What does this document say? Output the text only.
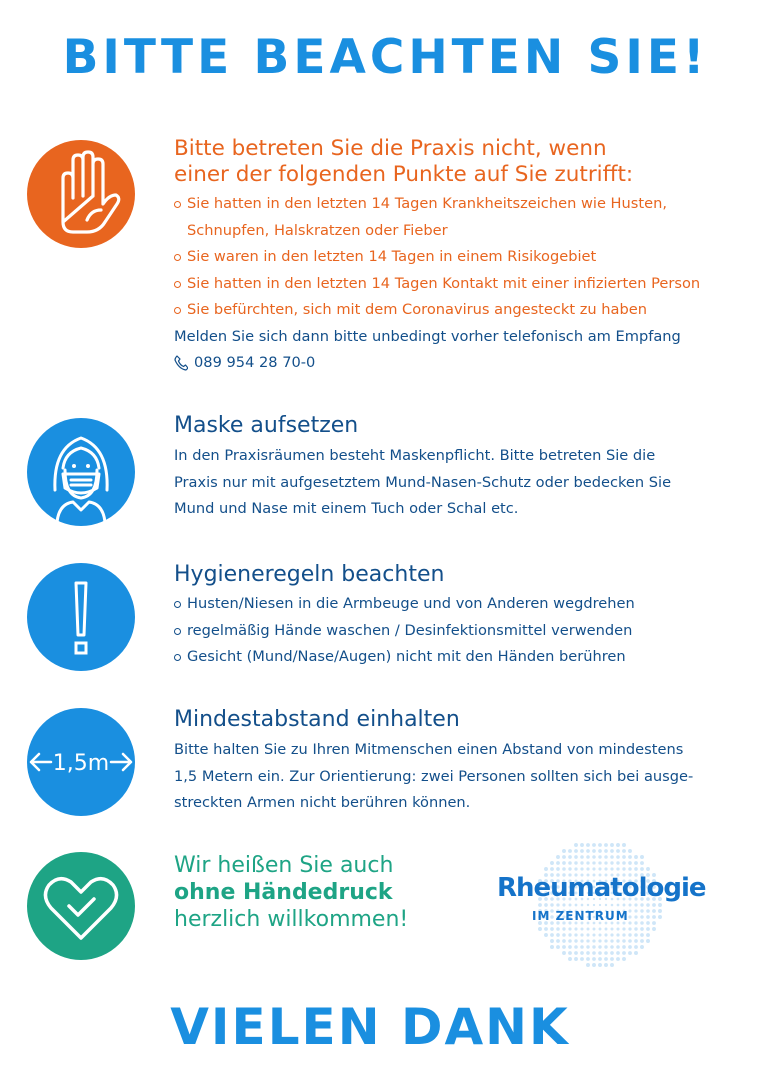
BITTE BEACHTEN SIE!
Bitte betreten Sie die Praxis nicht, wenn
einer der folgenden Punkte auf Sie zutrifft:
Sie hatten in den letzten 14 Tagen Krankheitszeichen wie Husten,
Schnupfen, Halskratzen oder Fieber
Sie waren in den letzten 14 Tagen in einem Risikogebiet
Sie hatten in den letzten 14 Tagen Kontakt mit einer infizierten Person
Sie befürchten, sich mit dem Coronavirus angesteckt zu haben
Melden Sie sich dann bitte unbedingt vorher telefonisch am Empfang
089 954 28 70-0
Maske aufsetzen
In den Praxisräumen besteht Maskenpflicht. Bitte betreten Sie die
Praxis nur mit aufgesetztem Mund-Nasen-Schutz oder bedecken Sie
Mund und Nase mit einem Tuch oder Schal etc.
Hygieneregeln beachten
Husten/Niesen in die Armbeuge und von Anderen wegdrehen
regelmäßig Hände waschen / Desinfektionsmittel verwenden
Gesicht (Mund/Nase/Augen) nicht mit den Händen berühren
1,5m
Mindestabstand einhalten
Bitte halten Sie zu Ihren Mitmenschen einen Abstand von mindestens
1,5 Metern ein. Zur Orientierung: zwei Personen sollten sich bei ausge-
streckten Armen nicht berühren können.
Wir heißen Sie auch
ohne Händedruck
herzlich willkommen!
Rheumatologie
IM ZENTRUM
VIELEN DANK
